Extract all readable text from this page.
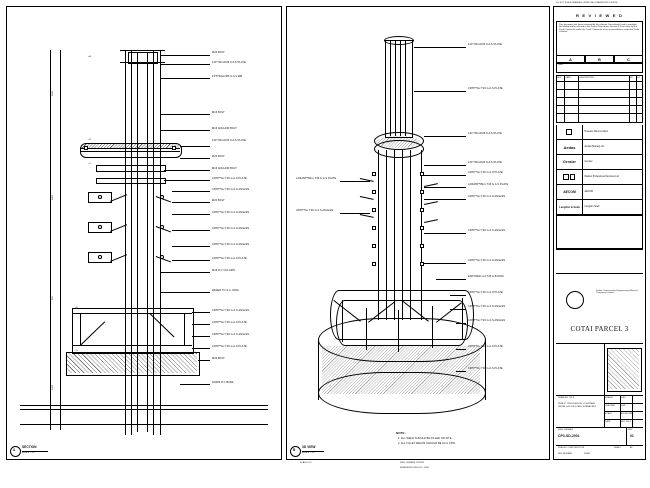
2500
1800
950
1250
+A
+B
+C
+D
+E
M20 BOLT
140 *90xx1M6 S.A.S PLATE
13*5*90xx1M6 S.A.S WB
M16 BOLT
M16 ANCHOR BOLT
140 *90xx1M6 S.A.S PLATE
M20 BOLT
M16 ANCHOR BOLT
CRTP*5xx T46 G.A.S PLATE
CRTP*5xx T46 G.A.S ANGLES
M20 BOLT
CRTP*5xx T46 G.A.S ANGLES
CRTP*5xx T46 G.A.S ANGLES
CRTP*5xx T46 G.A.S ANGLES
CRTP*5xx T46 G.A.S PLATE
M18 R.C COLUMN
REFER TO G.A. DWG
CRTP*5xx T46 G.A.S ANGLES
CRTP*5xx T46 G.A.S PLATE
CRTP*5xx T46 G.A.S ANGLES
CRTP*5xx T46 G.A.S PLATE
M20 BOLT
420M3 R.C BASE
A
SECTION
SCALE 1:20
140 *90xx1M6 S.A.S PLATE
CRTP*5xx T46 G.A.S PLATE
140 *90xx1M6 S.A.S PLATE
140 *90xx1M6 S.A.S PLATE
CRTP*5xx T46 G.A.S PLATE
L20H/5P*5Mxx T46 G.A.S PLATE
CRTP*5xx T46 G.A.S ANGLES
CRTP*5xx T46 G.A.S ANGLES
CRTP*5xx T46 G.A.S ANGLES
EXPOSED xx4 T46 G.B.DWG
CRTP*5xx T46 G.A.S PLATE
CRTP*5xx T46 G.A.S ANGLES
CRTP*5xx T46 G.A.S ANGLES
CRTP*5xx T46 G.A.S PLATE
CRTP*5xx T46 G.A.S PLATE
L20H/5P*5Mxx T46 G.A.S PLATE
CRTP*5xx T46 G.A.S ANGLES
NOTE :
1. ALL WELD SHOULD BE FILLED ON SITE.
2. ALL FILLET WELDS SHOULD BE 6mm CFW.
B
3D VIEW
SCALE 1:20
DO NOT SCALE DRAWING. VERIFY ALL DIMENSIONS ON SITE
R E V I E W E D
This document has been reviewed by the relevant Consultant(s) and is provided. No liability and/or referred to the Project Procedures Section 5.4 for action by the Trade Contractor under the Trade Contractor of his responsibilities under the Trade Contract.
A	B	C
Date :
REV DATE	DESCRIPTION	BY CK
Hoseton Direct Limited
Aedas	Aedas (Macau) Ltd.
Gensler	Gensler
Wanlex Professional Services Ltd.
AECOM	AECOM
Langdon & Seah	Langdon Seah
Fedex Construction Engineering (Macau) Company Limited
COTAI PARCEL 3
DRAWING TITLE
PUBLIC CIRCULATION, FOUNTAIN DETAIL 04 FOR STEEL SURFACING
DRAWN	ZWX
CHECKED	LMF
SCALE	AS SHOWN
DATE	DEC 2014
DWG. NUMBER
CP3-SD-2001
REV
01
PRELIM / CONSTRUCTION	SHEET	A1
REF. NUMBER	STEEL
DWG. NUMBER CP3/SW
REFERENCE DWG N.O. DWG.
SCALE 1:20
